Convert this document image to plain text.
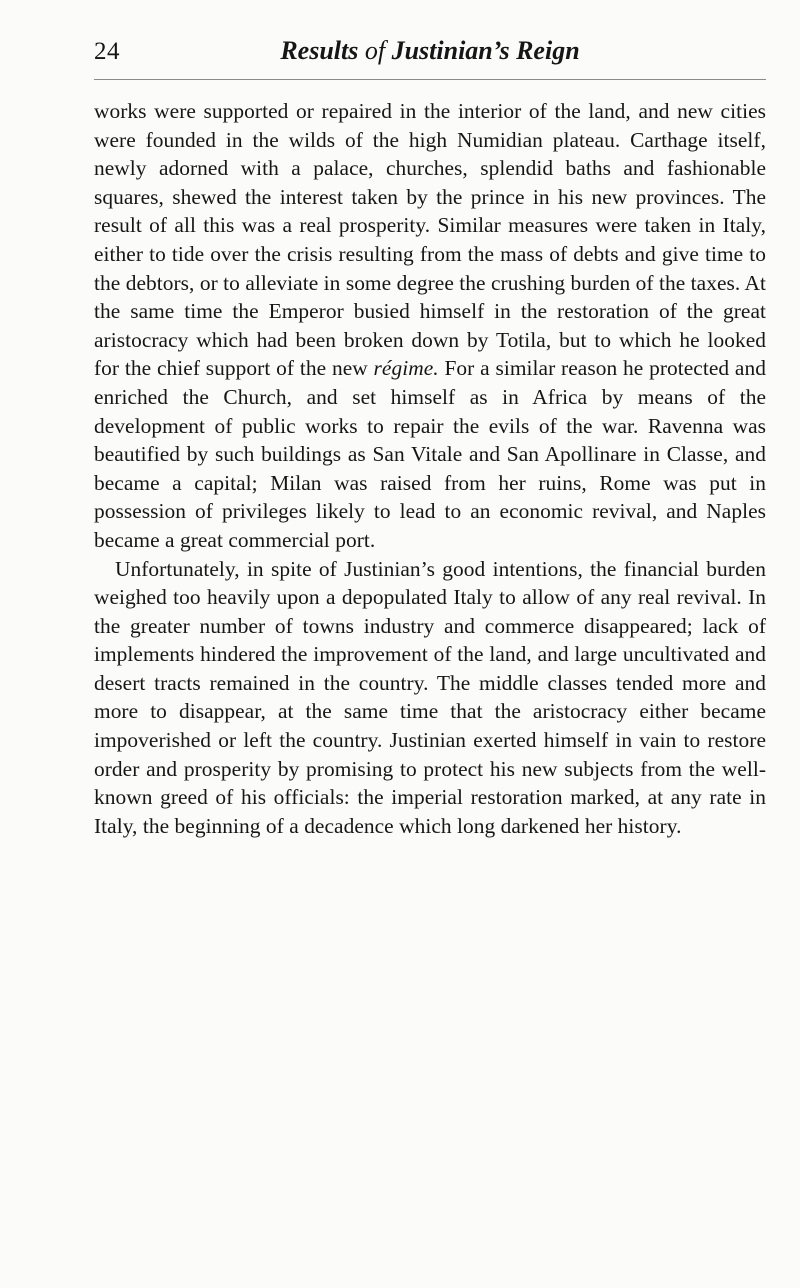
24	Results of Justinian’s Reign

works were supported or repaired in the interior of the land, and new cities were founded in the wilds of the high Numidian plateau. Carthage itself, newly adorned with a palace, churches, splendid baths and fashionable squares, shewed the interest taken by the prince in his new provinces. The result of all this was a real prosperity. Similar measures were taken in Italy, either to tide over the crisis resulting from the mass of debts and give time to the debtors, or to alleviate in some degree the crushing burden of the taxes. At the same time the Emperor busied himself in the restoration of the great aristocracy which had been broken down by Totila, but to which he looked for the chief support of the new régime. For a similar reason he protected and enriched the Church, and set himself as in Africa by means of the development of public works to repair the evils of the war. Ravenna was beautified by such buildings as San Vitale and San Apollinare in Classe, and became a capital; Milan was raised from her ruins, Rome was put in possession of privileges likely to lead to an economic revival, and Naples became a great commercial port.

Unfortunately, in spite of Justinian’s good intentions, the financial burden weighed too heavily upon a depopulated Italy to allow of any real revival. In the greater number of towns industry and commerce disappeared; lack of implements hindered the improvement of the land, and large uncultivated and desert tracts remained in the country. The middle classes tended more and more to disappear, at the same time that the aristocracy either became impoverished or left the country. Justinian exerted himself in vain to restore order and prosperity by promising to protect his new subjects from the well-known greed of his officials: the imperial restoration marked, at any rate in Italy, the beginning of a decadence which long darkened her history.
